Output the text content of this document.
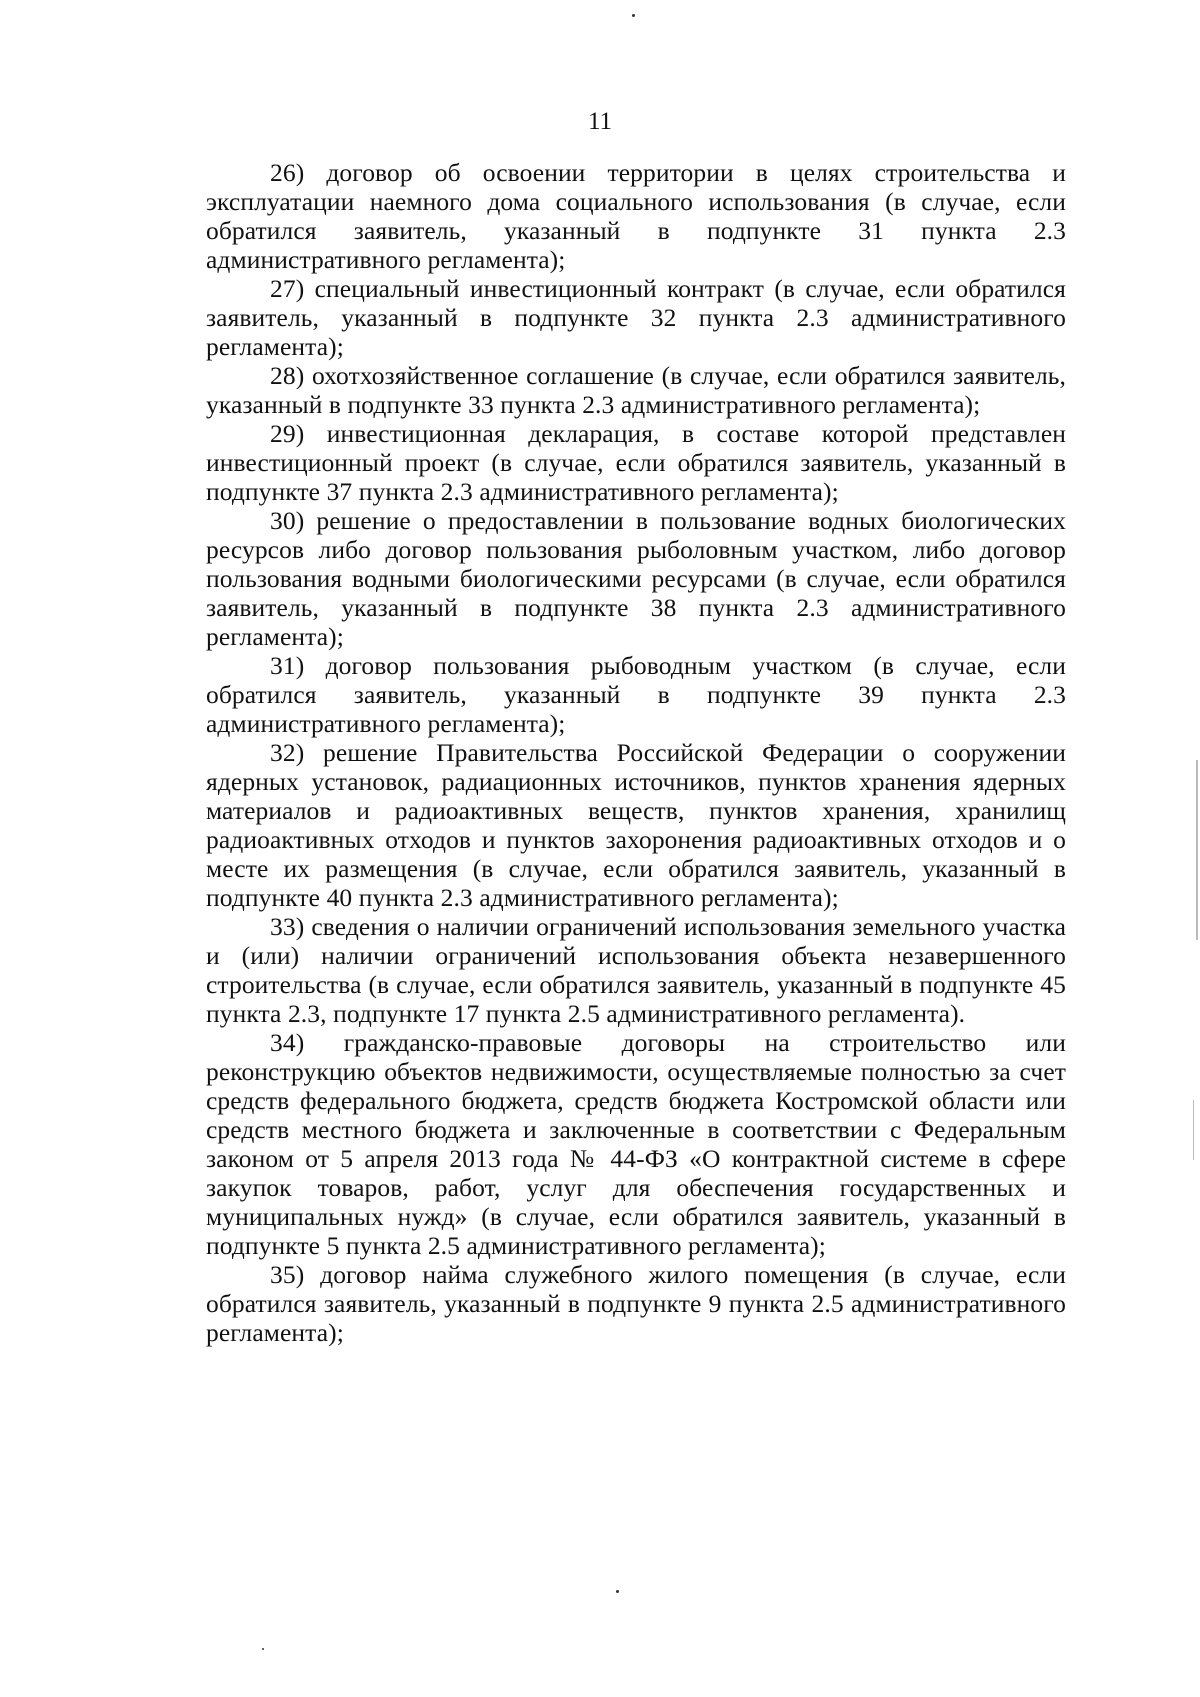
11

26) договор об освоении территории в целях строительства и эксплуатации наемного дома социального использования (в случае, если обратился заявитель, указанный в подпункте 31 пункта 2.3 административного регламента);

27) специальный инвестиционный контракт (в случае, если обратился заявитель, указанный в подпункте 32 пункта 2.3 административного регламента);

28) охотхозяйственное соглашение (в случае, если обратился заявитель, указанный в подпункте 33 пункта 2.3 административного регламента);

29) инвестиционная декларация, в составе которой представлен инвестиционный проект (в случае, если обратился заявитель, указанный в подпункте 37 пункта 2.3 административного регламента);

30) решение о предоставлении в пользование водных биологических ресурсов либо договор пользования рыболовным участком, либо договор пользования водными биологическими ресурсами (в случае, если обратился заявитель, указанный в подпункте 38 пункта 2.3 административного регламента);

31) договор пользования рыбоводным участком (в случае, если обратился заявитель, указанный в подпункте 39 пункта 2.3 административного регламента);

32) решение Правительства Российской Федерации о сооружении ядерных установок, радиационных источников, пунктов хранения ядерных материалов и радиоактивных веществ, пунктов хранения, хранилищ радиоактивных отходов и пунктов захоронения радиоактивных отходов и о месте их размещения (в случае, если обратился заявитель, указанный в подпункте 40 пункта 2.3 административного регламента);

33) сведения о наличии ограничений использования земельного участка и (или) наличии ограничений использования объекта незавершенного строительства (в случае, если обратился заявитель, указанный в подпункте 45 пункта 2.3, подпункте 17 пункта 2.5 административного регламента).

34) гражданско-правовые договоры на строительство или реконструкцию объектов недвижимости, осуществляемые полностью за счет средств федерального бюджета, средств бюджета Костромской области или средств местного бюджета и заключенные в соответствии с Федеральным законом от 5 апреля 2013 года № 44-ФЗ «О контрактной системе в сфере закупок товаров, работ, услуг для обеспечения государственных и муниципальных нужд» (в случае, если обратился заявитель, указанный в подпункте 5 пункта 2.5 административного регламента);

35) договор найма служебного жилого помещения (в случае, если обратился заявитель, указанный в подпункте 9 пункта 2.5 административного регламента);
